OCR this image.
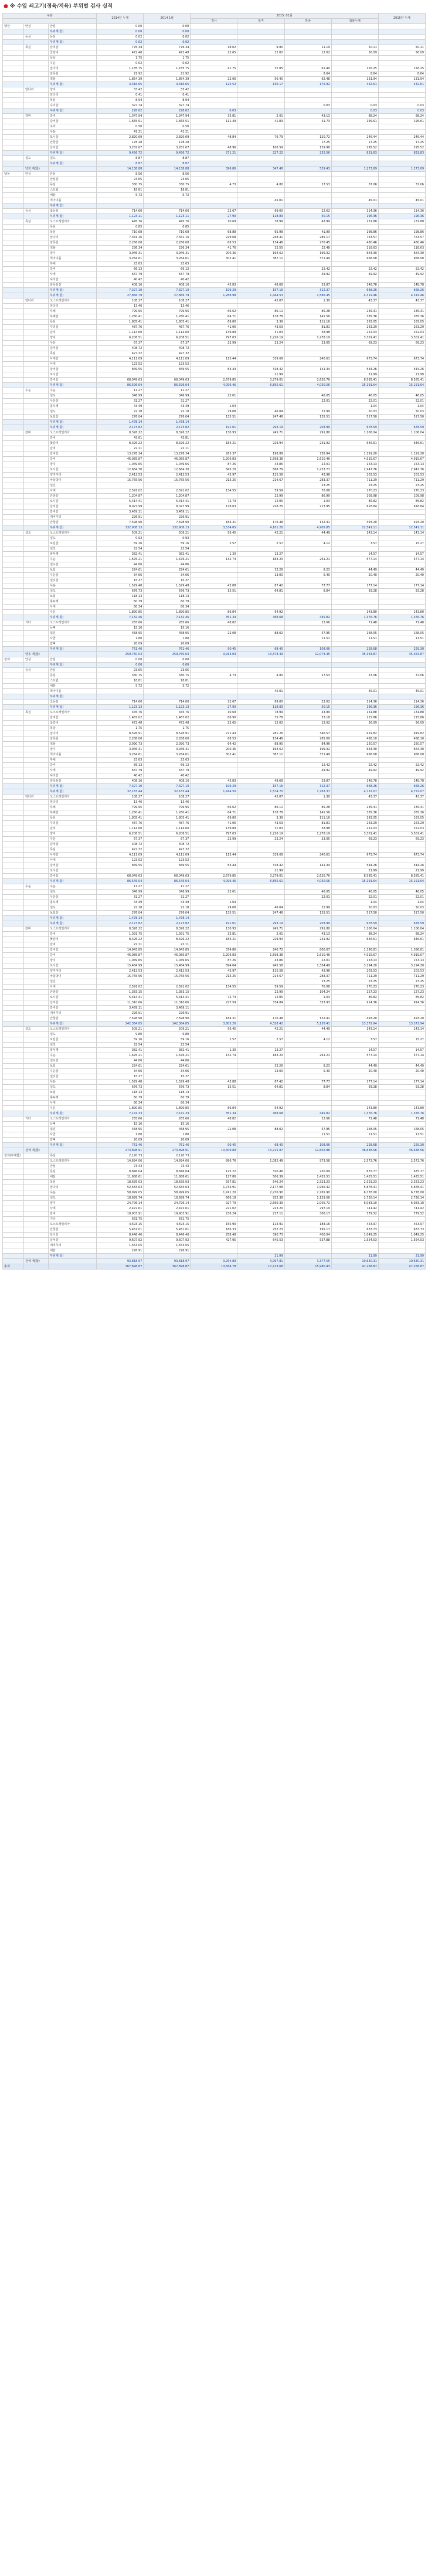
● ※ 수입 쇠고기(정육/지육) 부위별 검사 실적
구분			2014년 누계	2014 1월	2015. 01월				2015년 누계
					검사	합격	반송	합불누계	
냉장	안심	안심	0.00	0.00					
		부위계(합)	0.00	0.00					
	등심	등심	0.02	0.02					
		부위계(합)	0.02	0.02					
	목심	갈비살	776.34	776.34	18.02	9.80	11.19	50.11	50.11
		꽃갈비	472.48	472.48	22.65	12.02	12.02	56.09	56.09
		목살	1.75	1.75					
		우둔	0.02	0.02					
		앞다리	1,185.75	1,185.75	41.75	32.85	61.40	156.25	156.25
		알목심	21.92	21.92			8.64	8.64	8.64
		척롤	1,854.39	1,854.39	22.66	56.40	62.48	131.94	131.94
		부위계(합)	4,316.65	4,316.65	125.52	130.17	176.92	432.61	432.61
	앞다리	양지	33.42	33.42					
		앞다리	0.41	0.41					
		목심	8.94	8.94					
		꾸리살	327.74	327.74			0.03	0.03	0.03
		부위계(합)	228.62	228.62	0.03			0.03	0.03
	갈비	갈비	1,347.94	1,347.94	35.81	2.01	43.13	88.24	88.24
		갈비살	1,665.51	1,665.51	111.49	41.83	41.73	195.61	195.61
		우각	0.50	0.50					
		우둔	41.21	41.21					
		토시살	2,820.69	2,820.69	48.84	76.79	120.72	246.44	246.44
		안창살	178.28	178.28			17.25	17.25	17.25
		살치살	3,282.67	3,282.67	48.96	106.59	139.98	295.52	295.52
		부위계(합)	9,456.72	9,456.72	271.21	227.22	252.56	831.83	831.83
	설도	설도	8.87	8.87					
		부위계(합)	8.87	8.87					
	냉장 계(합)		14,138.88	14,138.88	396.86	347.48	529.43	1,273.69	1,273.69
냉동	안심	안심	8.56	8.56					
		안심살	23.65	23.65					
		등심	330.75	330.75	4.73	4.80	27.53	37.06	37.06
		스트립	18.81	18.81					
		채끝	5.72	5.72					
		척아이롤				45.01		45.01	45.01
		부위계(합)							
	등심	꽃등심	714.60	714.60	22.67	69.00	22.62	114.36	114.36
		부위계(합)	1,123.11	1,123.11	27.90	118.83	50.15	196.36	196.36
	목심	오스트레일리아	445.76	445.76	10.69	78.99	43.99	131.88	131.88
		목심	0.85	0.85					
		목심	710.68	710.68	68.88	65.98	41.99	198.86	198.86
		앞다리	7,341.16	7,341.16	229.68	248.41	285.17	763.57	763.57
		알목심	2,266.08	2,266.08	68.53	134.48	276.45	480.46	480.46
		척롤	236.34	236.34	41.76	32.55	22.48	118.63	118.63
		양지	3,946.31	3,946.31	200.36	164.62	199.32	664.30	664.30
		척아이롤	3,264.61	3,264.61	302.41	387.11	371.49	968.08	968.08
		부채	23.63	23.63					
		갈비	66.13	66.13			22.42	22.42	22.42
		사태	637.79	637.79			49.92	49.92	49.92
		꾸리살	40.42	40.42					
		알목심살	408.16	408.16	45.83	48.68	53.87	148.78	148.78
		부위계(합)	7,327.10	7,327.10	199.29	157.16	312.37	668.26	668.26
		부위계(합)	27,866.79	27,866.79	1,288.98	1,444.53	1,586.45	4,319.46	4,319.46
	앞다리	오스트레일리아	108.27	108.27		42.07	1.30	43.37	43.37
		앞다리	13.46	13.46					
		부채	799.95	799.95	66.62	86.11	85.28	235.31	235.31
		부채살	1,260.41	1,260.41	64.71	178.78	141.56	385.36	385.36
		목심	1,805.41	1,805.41	69.80	3.39	111.16	183.05	183.05
		꾸리살	487.76	487.76	41.06	43.59	81.81	263.29	263.29
		갈비	1,114.60	1,114.60	139.89	31.03	58.98	252.03	252.03
		양지	6,208.51	6,208.51	797.03	1,226.19	1,278.19	3,301.41	3,301.41
		우둔	67.37	67.37	22.99	23.24	23.05	69.23	69.23
		갈비살	408.72	408.72					
		목심	427.32	427.32					
		사태살	4,111.09	4,111.09	113.44	319.69	240.61	673.74	673.74
		사태	123.52	123.52					
		살치살	849.55	849.55	83.44	318.42	141.34	544.26	544.26
		토시살				21.99		21.99	21.99
		갈비살	68,049.63	68,049.63	2,679.85	3,279.01	2,626.76	8,585.41	8,585.41
		부위계(합)	86,596.64	86,596.64	4,096.46	6,855.61	4,030.56	15,191.64	15,191.64
	우둔	우둔	11.27	11.27					
		설도	346.99	346.99	22.01		46.05	46.05	46.05
		우둔살	31.27	31.27			22.01	22.01	22.01
		홍두깨	43.49	43.49	1.04			1.04	1.04
		설도	22.18	22.18	29.08	46.04	22.99	50.03	50.03
		보섭살	276.04	276.04	135.51	247.48	135.51	517.50	517.50
		부위계(합)	1,478.14	1,478.14					
		부위계(합)	2,173.82	2,173.82	191.01	293.19	203.99	678.59	678.59
	갈비	오스트레일리아	8,326.22	8,326.22	130.93	245.71	291.80	1,106.04	1,106.04
		갈비	43.81	43.81					
		꽃갈비	8,326.22	8,326.22	184.21	229.94	231.92	646.61	646.61
		갈비	22.11	22.11					
		갈비살	13,278.34	13,278.34	263.37	198.89	758.94	1,191.20	1,191.20
		갈비	46,085.87	46,085.87	1,206.83	1,598.38	1,610.46	4,915.67	4,915.67
		양지	1,049.65	1,049.65	87.26	43.86	22.01	153.13	153.13
		토시살	12,664.30	12,664.30	845.20	868.79	1,233.77	2,947.76	2,947.76
		양지머리	2,412.53	2,412.53	43.97	115.58	43.98	203.53	203.53
		차돌박이	15,765.56	15,765.56	213.25	214.67	283.37	711.29	711.29
		업진					23.25	23.25	23.25
		사태	2,591.02	2,591.02	134.55	59.59	76.08	270.23	270.23
		안창살	1,204.87	1,204.87		22.99	86.99	109.98	109.98
		토시살	5,414.41	5,414.41	72.73	12.05	1.03	85.82	85.82
		살치살	8,027.99	8,027.99	178.63	228.25	213.95	618.84	618.84
		갈비살	3,469.11	3,469.11					
		제비추리	226.91	226.91					
		안창살	7,598.90	7,598.90	184.31	176.48	132.41	493.20	493.20
		부위계(합)	132,908.13	132,908.13	3,534.05	4,101.20	4,905.85	12,541.11	12,541.11
	설도	오스트레일리아	509.21	509.21	56.45	42.21	44.49	143.14	143.14
		설도	0.93	0.93					
		보섭살	59.16	59.16	2.57	2.57	4.12	3.57	15.27
		설깃	22.54	22.54					
		홍두깨	382.41	382.41	1.30	13.27		14.57	14.57
		우둔	1,676.21	1,676.21	132.74	183.20	261.21	577.14	577.14
		설도살	44.86	44.86					
		보섭	224.61	224.61		32.26	8.23	44.49	44.49
		우둔살	34.66	34.66		13.00	5.40	20.40	20.40
		설깃살	15.37	15.37					
		우둔	1,529.48	1,529.48	43.88	87.42	77.77	177.14	177.14
		설도	676.73	676.73	15.51	64.81	8.84	93.28	93.28
		보섭	118.13	118.13					
		홍두깨	60.79	60.79					
		사태	80.34	80.34					
		우둔	1,890.85	1,890.85	86.84	54.92		143.80	143.80
		부위계(합)	7,132.46	7,132.46	351.34	469.68	445.82	1,376.76	1,376.76
	기타	오스트레일리아	265.66	265.66	48.82		22.66	71.48	71.48
		등뼈	15.16	15.16					
		업진	458.95	458.95	22.08	88.02	57.95	168.05	168.05
		사골	1.80	1.80			11.51	11.51	11.51
		잡뼈	20.09	20.09					
		부위계(합)	761.46	761.46	90.45	68.40	108.06	228.68	229.30
	냉동 계(합)		259,760.03	259,760.03	9,913.03	13,378.39	12,073.45	35,364.87	35,364.87
전체	안심	안심	0.00	0.00					
		부위계(합)	0.00	0.00					
	등심	안심	23.65	23.65					
		등심	330.75	330.75	4.73	4.80	27.53	37.06	37.06
		스트립	18.81	18.81					
		채끝	5.72	5.72					
		척아이롤				45.01		45.01	45.01
		부위계(합)							
		꽃등심	714.60	714.60	22.67	69.00	22.62	114.36	114.36
		부위계(합)	1,123.13	1,123.13	27.90	118.83	50.15	196.36	196.36
	목심	오스트레일리아	445.76	445.76	10.69	78.99	43.99	131.88	131.88
		갈비살	1,487.02	1,487.02	86.90	75.78	53.18	215.86	215.86
		꽃갈비	472.48	472.48	22.65	12.02	12.02	56.09	56.09
		목살	1.75	1.75					
		앞다리	8,526.91	8,526.91	271.43	281.26	346.57	919.82	919.82
		알목심	2,288.00	2,288.00	68.53	134.48	285.09	488.10	488.10
		척롤	2,090.73	2,090.73	64.42	88.95	84.96	250.57	250.57
		양지	3,946.31	3,946.31	200.36	164.62	199.32	664.30	664.30
		척아이롤	3,264.61	3,264.61	302.41	387.11	371.49	968.08	968.08
		부채	23.63	23.63					
		갈비	66.13	66.13			22.42	22.42	22.42
		사태	637.79	637.79			49.92	49.92	49.92
		꾸리살	40.42	40.42					
		알목심살	408.16	408.16	45.83	48.68	53.87	148.78	148.78
		부위계(합)	7,327.10	7,327.10	199.29	157.16	312.37	668.26	668.26
		부위계(합)	32,183.44	32,183.44	1,414.50	1,574.70	1,763.37	4,752.07	4,752.07
	앞다리	오스트레일리아	108.27	108.27		42.07	1.30	43.37	43.37
		앞다리	13.46	13.46					
		부채	799.95	799.95	66.62	86.11	85.28	235.31	235.31
		부채살	1,260.41	1,260.41	64.71	178.78	141.56	385.36	385.36
		목심	1,805.41	1,805.41	69.80	3.39	111.16	183.05	183.05
		꾸리살	487.76	487.76	41.06	43.59	81.81	263.29	263.29
		갈비	1,114.60	1,114.60	139.89	31.03	58.98	252.03	252.03
		양지	6,208.51	6,208.51	797.03	1,226.19	1,278.19	3,301.41	3,301.41
		우둔	67.37	67.37	22.99	23.24	23.05	69.23	69.23
		갈비살	408.72	408.72					
		목심	427.32	427.32					
		사태살	4,111.09	4,111.09	113.44	319.69	240.61	673.74	673.74
		사태	123.52	123.52					
		살치살	849.55	849.55	83.44	318.42	141.34	544.26	544.26
		토시살				21.99		21.99	21.99
		갈비살	68,049.63	68,049.63	2,679.85	3,279.01	2,626.76	8,585.41	8,585.41
		부위계(합)	86,545.04	86,545.04	4,096.46	6,855.61	4,030.56	15,191.64	15,191.64
	우둔	우둔	11.27	11.27					
		설도	346.99	346.99	22.01		46.05	46.05	46.05
		우둔살	31.27	31.27			22.01	22.01	22.01
		홍두깨	43.49	43.49	1.04			1.04	1.04
		설도	22.18	22.18	29.08	46.04	22.99	50.03	50.03
		보섭살	276.04	276.04	135.51	247.48	135.51	517.50	517.50
		부위계(합)	1,478.14	1,478.14					
		부위계(합)	2,173.82	2,173.82	191.01	293.19	203.99	678.59	678.59
	갈비	오스트레일리아	8,326.22	8,326.22	130.93	245.71	291.80	1,106.04	1,106.04
		갈비	1,391.75	1,391.75	35.81	2.01	43.13	88.24	88.24
		꽃갈비	8,326.22	8,326.22	184.21	229.94	231.92	646.61	646.61
		갈비	22.11	22.11					
		갈비살	14,943.85	14,943.85	374.86	240.72	800.67	1,386.81	1,386.81
		갈비	46,085.87	46,085.87	1,206.83	1,598.38	1,610.46	4,915.67	4,915.67
		양지	1,049.65	1,049.65	87.26	43.86	22.01	153.13	153.13
		토시살	15,484.99	15,484.99	894.04	945.58	1,354.49	3,194.20	3,194.20
		양지머리	2,412.53	2,412.53	43.97	115.58	43.98	203.53	203.53
		차돌박이	15,765.56	15,765.56	213.25	214.67	283.37	711.29	711.29
		업진					23.25	23.25	23.25
		사태	2,591.02	2,591.02	134.55	59.59	76.08	270.23	270.23
		안창살	1,383.15	1,383.15		22.99	104.24	127.23	127.23
		토시살	5,414.41	5,414.41	72.73	12.05	1.03	85.82	85.82
		살치살	11,310.66	11,310.66	227.59	334.84	353.93	914.36	914.36
		갈비살	3,469.11	3,469.11					
		제비추리	226.91	226.91					
		안창살	7,598.90	7,598.90	184.31	176.48	132.41	493.20	493.20
		부위계(합)	142,364.85	142,364.85	3,805.26	4,328.42	5,158.41	13,372.94	13,372.94
	설도	오스트레일리아	509.21	509.21	56.45	42.21	44.49	143.14	143.14
		설도	9.80	9.80					
		보섭살	59.16	59.16	2.57	2.57	4.12	3.57	15.27
		설깃	22.54	22.54					
		홍두깨	382.41	382.41	1.30	13.27		14.57	14.57
		우둔	1,676.21	1,676.21	132.74	183.20	261.21	577.14	577.14
		설도살	44.86	44.86					
		보섭	224.61	224.61		32.26	8.23	44.49	44.49
		우둔살	34.66	34.66		13.00	5.40	20.40	20.40
		설깃살	15.37	15.37					
		우둔	1,529.48	1,529.48	43.88	87.42	77.77	177.14	177.14
		설도	676.73	676.73	15.51	64.81	8.84	93.28	93.28
		보섭	118.13	118.13					
		홍두깨	60.79	60.79					
		사태	80.34	80.34					
		우둔	1,890.85	1,890.85	86.84	54.92		143.80	143.80
		부위계(합)	7,141.33	7,141.33	351.34	469.68	445.82	1,376.76	1,376.76
	기타	오스트레일리아	265.66	265.66	48.82		22.66	71.48	71.48
		등뼈	15.16	15.16					
		업진	458.95	458.95	22.08	88.02	57.95	168.05	168.05
		사골	1.80	1.80			11.51	11.51	11.51
		잡뼈	20.09	20.09					
		부위계(합)	761.46	761.46	90.45	68.40	108.06	228.68	229.30
	전체 계(합)		273,898.91	273,898.91	10,309.89	13,725.87	12,602.88	36,638.56	36,638.56
전체(부계합)		목심	2,120.73	2,120.73					
		오스트레일리아	14,694.06	14,694.06	896.76	1,082.49	973.58	2,572.76	2,572.76
		안심	73.43	73.43					
		등심	8,846.04	8,846.04	125.22	320.46	230.09	675.77	675.77
		채끝	11,688.61	11,688.61	127.86	506.39	1,425.51	1,425.51	1,425.51
		목심	18,635.03	18,635.03	597.81	546.24	2,323.23	2,323.23	2,323.23
		앞다리	52,583.63	52,583.63	1,734.91	2,177.08	1,966.42	5,878.41	5,878.41
		우둔	58,999.05	58,999.05	1,741.20	2,270.90	2,765.90	6,778.00	6,778.00
		설도	18,699.74	18,699.74	666.18	932.38	1,129.58	2,728.14	2,728.14
		양지	24,796.14	24,796.14	927.79	2,560.39	2,005.72	6,083.10	6,083.10
		사태	2,472.61	2,472.61	221.02	223.20	297.19	741.42	741.42
		갈비	19,903.91	19,903.91	236.24	217.11	306.17	779.52	779.52
		기타	631.75	631.75					
		오스트레일리아	4,593.15	4,593.15	155.90	114.91	183.16	453.97	453.97
		안창살	5,451.01	5,451.01	186.33	252.23	195.17	633.73	633.73
		토시살	8,446.46	8,446.46	258.48	390.73	400.04	1,049.25	1,049.25
		살치살	9,607.92	9,607.92	427.95	645.53	537.88	1,554.53	1,554.53
		제비추리	1,553.05	1,553.05					
		채끝	226.91	226.91					
		부위계(합)				21.99		21.99	21.99
	전체 계(합)		93,818.97	93,818.97	3,254.89	3,997.81	3,377.55	10,630.31	10,630.31
총계			367,898.87	367,898.87	13,564.78	17,723.68	15,980.43	47,268.87	47,268.87
